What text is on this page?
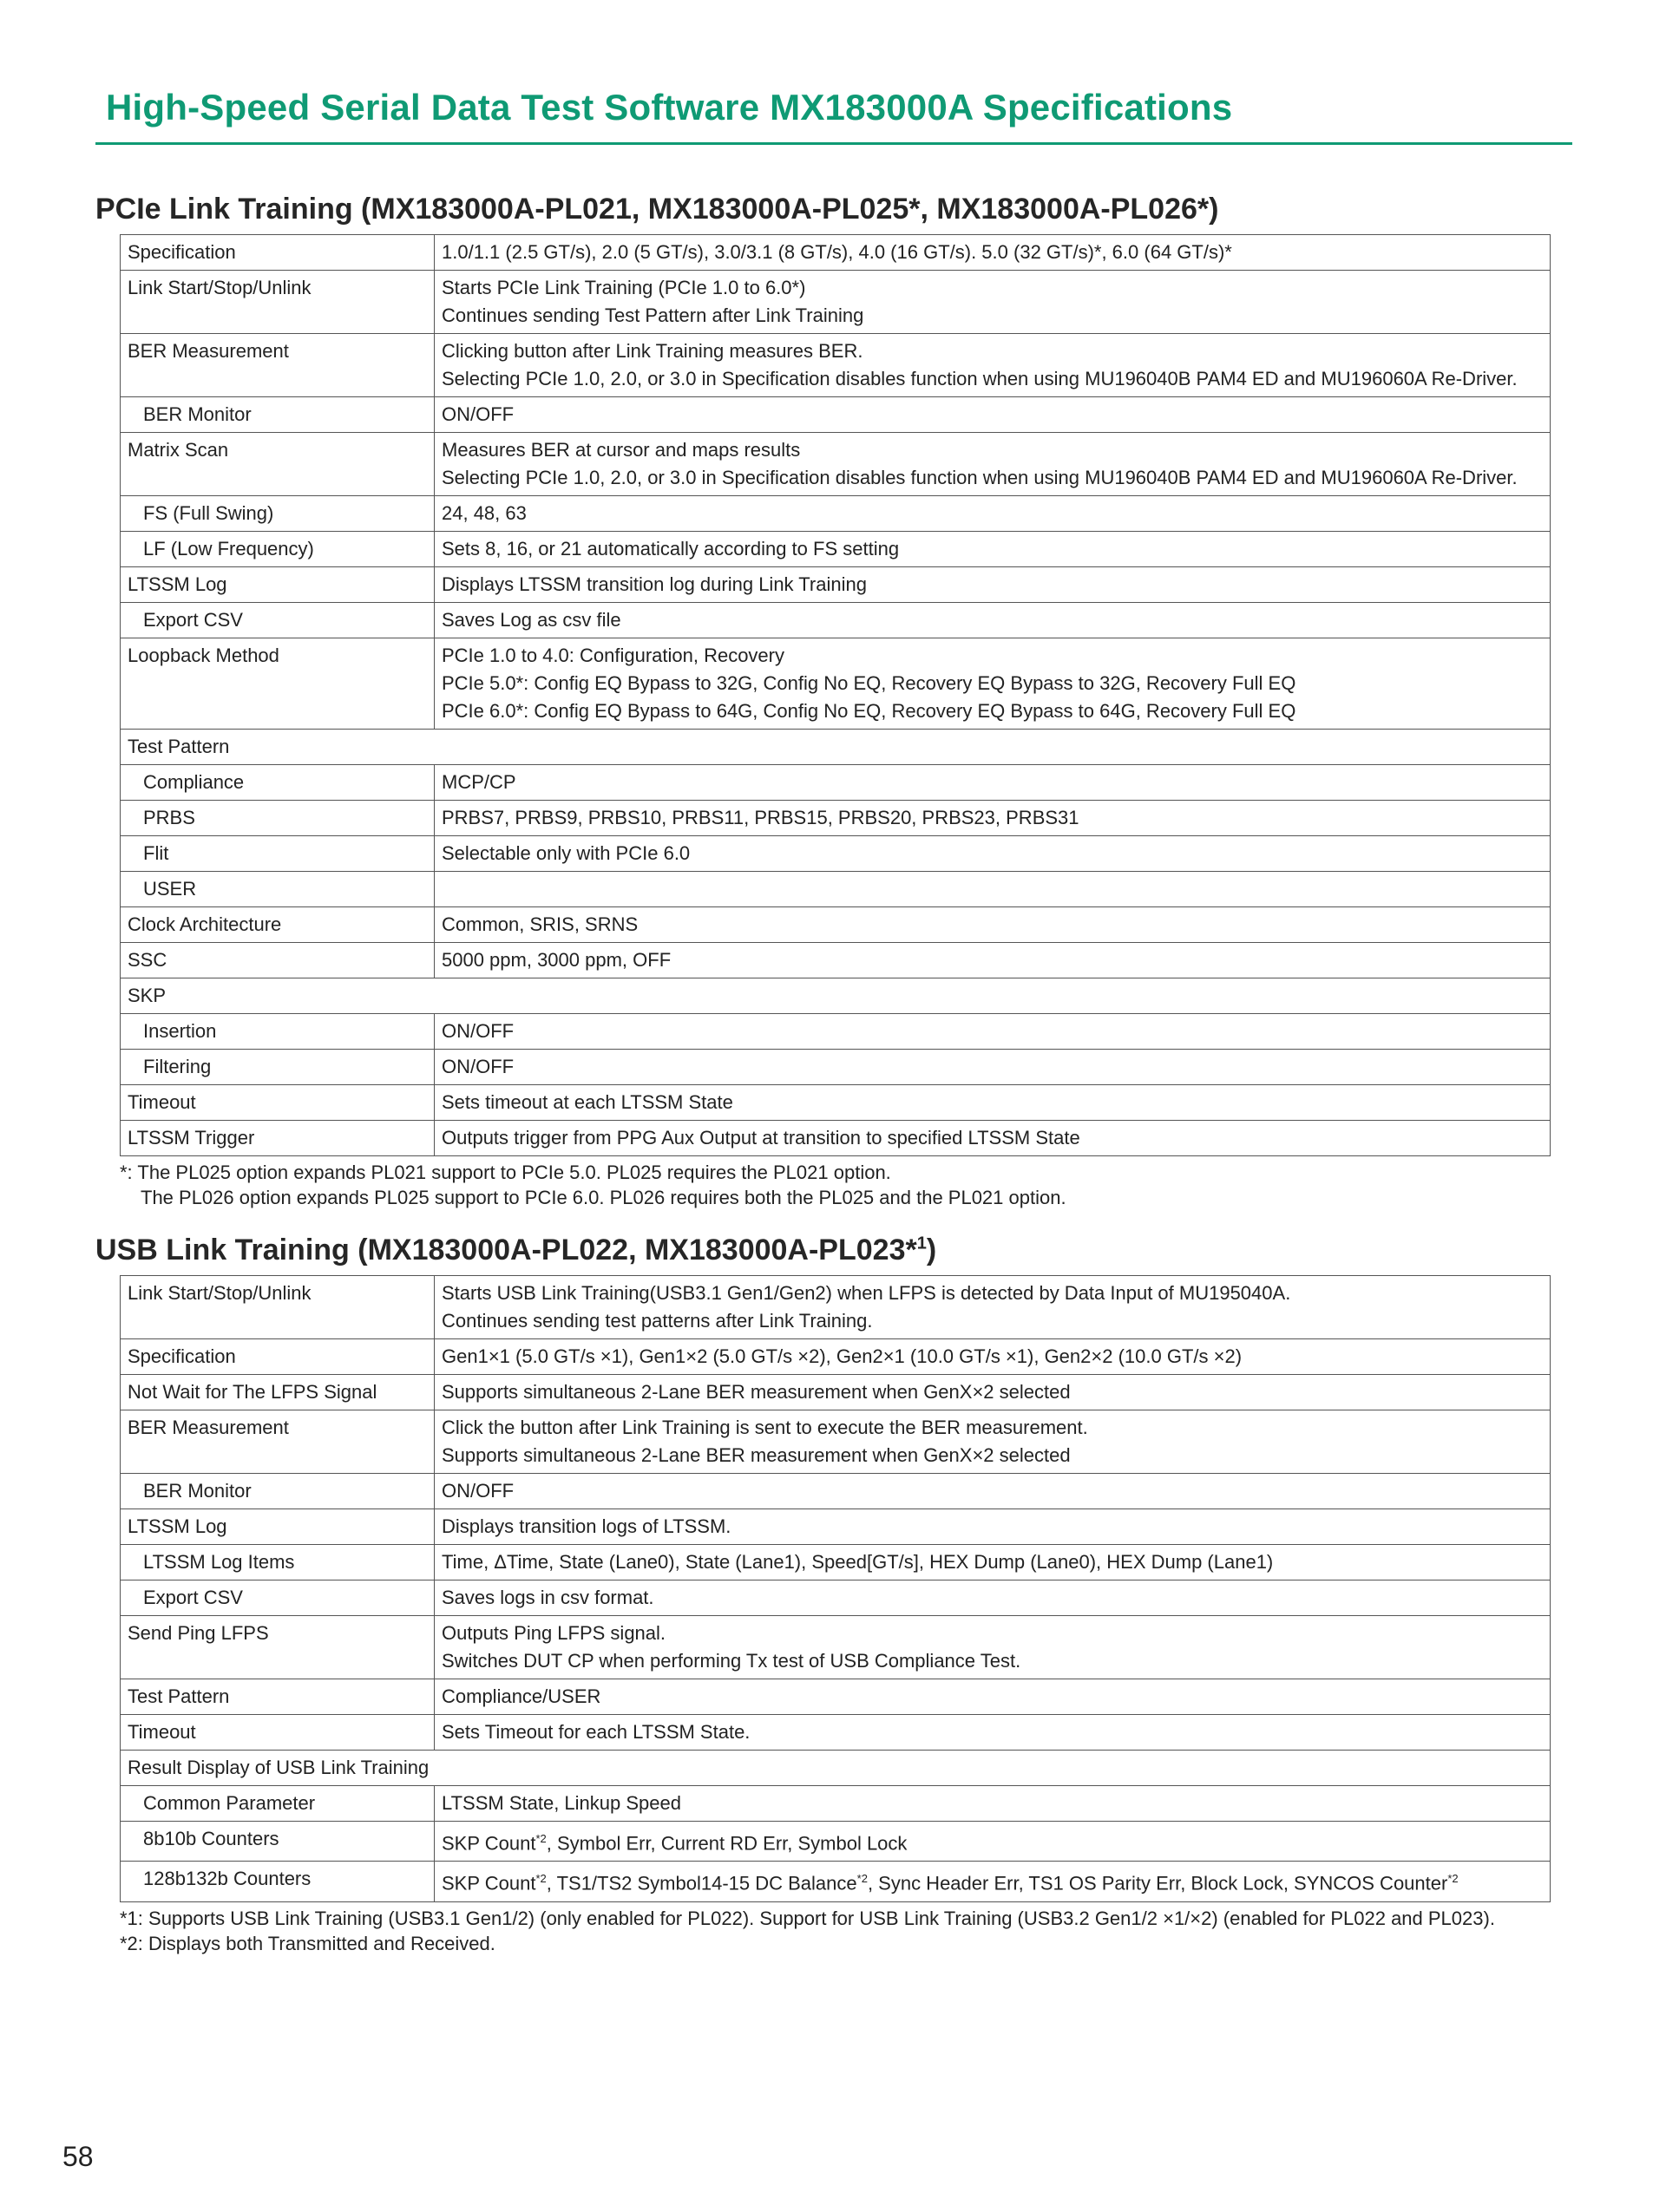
High-Speed Serial Data Test Software MX183000A Specifications
PCIe Link Training (MX183000A-PL021, MX183000A-PL025*, MX183000A-PL026*)
Specification	1.0/1.1 (2.5 GT/s), 2.0 (5 GT/s), 3.0/3.1 (8 GT/s), 4.0 (16 GT/s). 5.0 (32 GT/s)*, 6.0 (64 GT/s)*

Link Start/Stop/Unlink	Starts PCIe Link Training (PCIe 1.0 to 6.0*)
Continues sending Test Pattern after Link Training

BER Measurement	Clicking button after Link Training measures BER.
Selecting PCIe 1.0, 2.0, or 3.0 in Specification disables function when using MU196040B PAM4 ED and MU196060A Re-Driver.

BER Monitor	ON/OFF

Matrix Scan	Measures BER at cursor and maps results
Selecting PCIe 1.0, 2.0, or 3.0 in Specification disables function when using MU196040B PAM4 ED and MU196060A Re-Driver.

FS (Full Swing)	24, 48, 63

LF (Low Frequency)	Sets 8, 16, or 21 automatically according to FS setting

LTSSM Log	Displays LTSSM transition log during Link Training

Export CSV	Saves Log as csv file

Loopback Method	PCIe 1.0 to 4.0: Configuration, Recovery
PCIe 5.0*: Config EQ Bypass to 32G, Config No EQ, Recovery EQ Bypass to 32G, Recovery Full EQ
PCIe 6.0*: Config EQ Bypass to 64G, Config No EQ, Recovery EQ Bypass to 64G, Recovery Full EQ

Test Pattern	
Compliance	MCP/CP

PRBS	PRBS7, PRBS9, PRBS10, PRBS11, PRBS15, PRBS20, PRBS23, PRBS31

Flit	Selectable only with PCIe 6.0

USER	

Clock Architecture	Common, SRIS, SRNS

SSC	5000 ppm, 3000 ppm, OFF

SKP	
Insertion	ON/OFF

Filtering	ON/OFF

Timeout	Sets timeout at each LTSSM State

LTSSM Trigger	Outputs trigger from PPG Aux Output at transition to specified LTSSM State
*: The PL025 option expands PL021 support to PCIe 5.0. PL025 requires the PL021 option.
The PL026 option expands PL025 support to PCIe 6.0. PL026 requires both the PL025 and the PL021 option.
USB Link Training (MX183000A-PL022, MX183000A-PL023*$^1$)
Link Start/Stop/Unlink	Starts USB Link Training(USB3.1 Gen1/Gen2) when LFPS is detected by Data Input of MU195040A.
Continues sending test patterns after Link Training.

Specification	Gen1×1 (5.0 GT/s ×1), Gen1×2 (5.0 GT/s ×2), Gen2×1 (10.0 GT/s ×1), Gen2×2 (10.0 GT/s ×2)

Not Wait for The LFPS Signal	Supports simultaneous 2-Lane BER measurement when GenX×2 selected

BER Measurement	Click the button after Link Training is sent to execute the BER measurement.
Supports simultaneous 2-Lane BER measurement when GenX×2 selected

BER Monitor	ON/OFF

LTSSM Log	Displays transition logs of LTSSM.

LTSSM Log Items	Time, ΔTime, State (Lane0), State (Lane1), Speed[GT/s], HEX Dump (Lane0), HEX Dump (Lane1)

Export CSV	Saves logs in csv format.

Send Ping LFPS	Outputs Ping LFPS signal.
Switches DUT CP when performing Tx test of USB Compliance Test.

Test Pattern	Compliance/USER

Timeout	Sets Timeout for each LTSSM State.

Result Display of USB Link Training	
Common Parameter	LTSSM State, Linkup Speed

8b10b Counters	SKP Count$^{*2}$, Symbol Err, Current RD Err, Symbol Lock
128b132b Counters	SKP Count$^{*2}$, TS1/TS2 Symbol14-15 DC Balance$^{*2}$, Sync Header Err, TS1 OS Parity Err, Block Lock, SYNCOS Counter$^{*2}$
*1: Supports USB Link Training (USB3.1 Gen1/2) (only enabled for PL022). Support for USB Link Training (USB3.2 Gen1/2 ×1/×2) (enabled for PL022 and PL023).
*2: Displays both Transmitted and Received.
58
